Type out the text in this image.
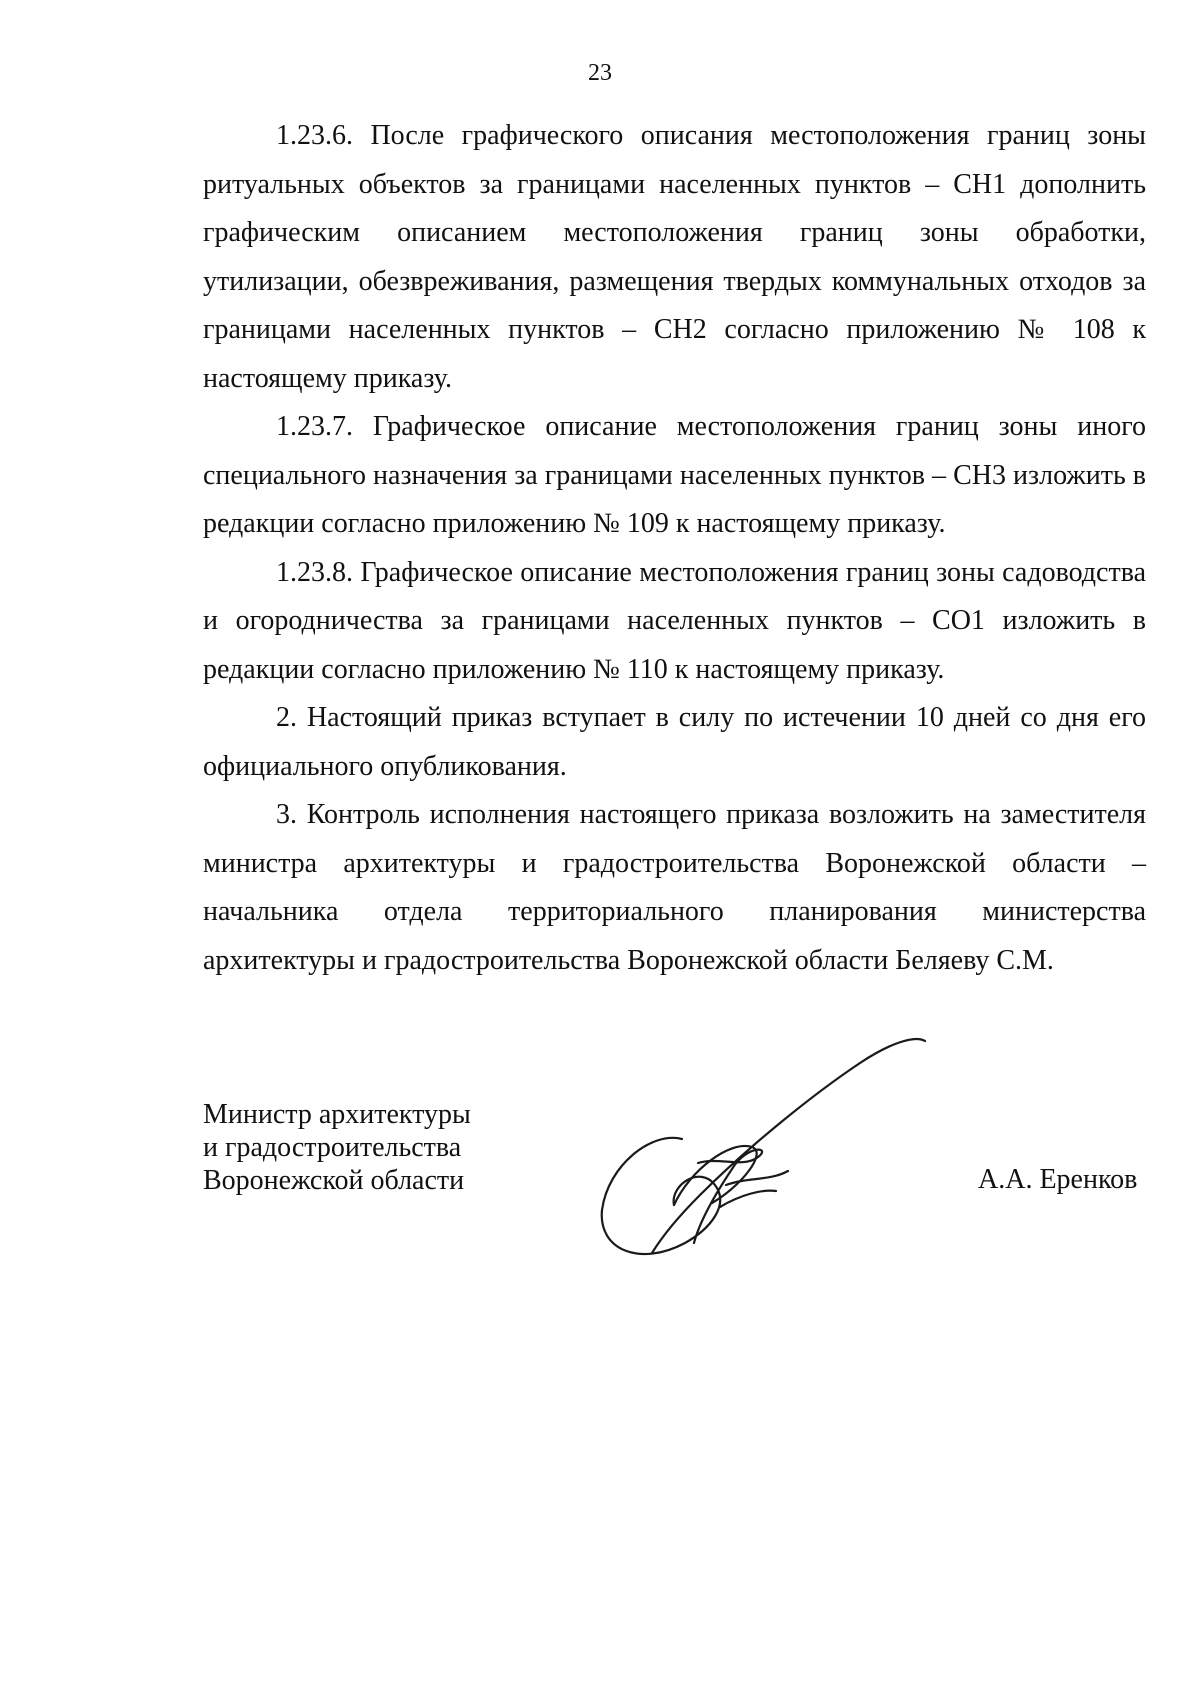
23

1.23.6. После графического описания местоположения границ зоны ритуальных объектов за границами населенных пунктов – СН1 дополнить графическим описанием местоположения границ зоны обработки, утилизации, обезвреживания, размещения твердых коммунальных отходов за границами населенных пунктов – СН2 согласно приложению № 108 к настоящему приказу.

1.23.7. Графическое описание местоположения границ зоны иного специального назначения за границами населенных пунктов – СН3 изложить в редакции согласно приложению № 109 к настоящему приказу.

1.23.8. Графическое описание местоположения границ зоны садоводства и огородничества за границами населенных пунктов – СО1 изложить в редакции согласно приложению № 110 к настоящему приказу.

2. Настоящий приказ вступает в силу по истечении 10 дней со дня его официального опубликования.

3. Контроль исполнения настоящего приказа возложить на заместителя министра архитектуры и градостроительства Воронежской области – начальника отдела территориального планирования министерства архитектуры и градостроительства Воронежской области Беляеву С.М.

Министр архитектуры
и градостроительства
Воронежской области	А.А. Еренков
